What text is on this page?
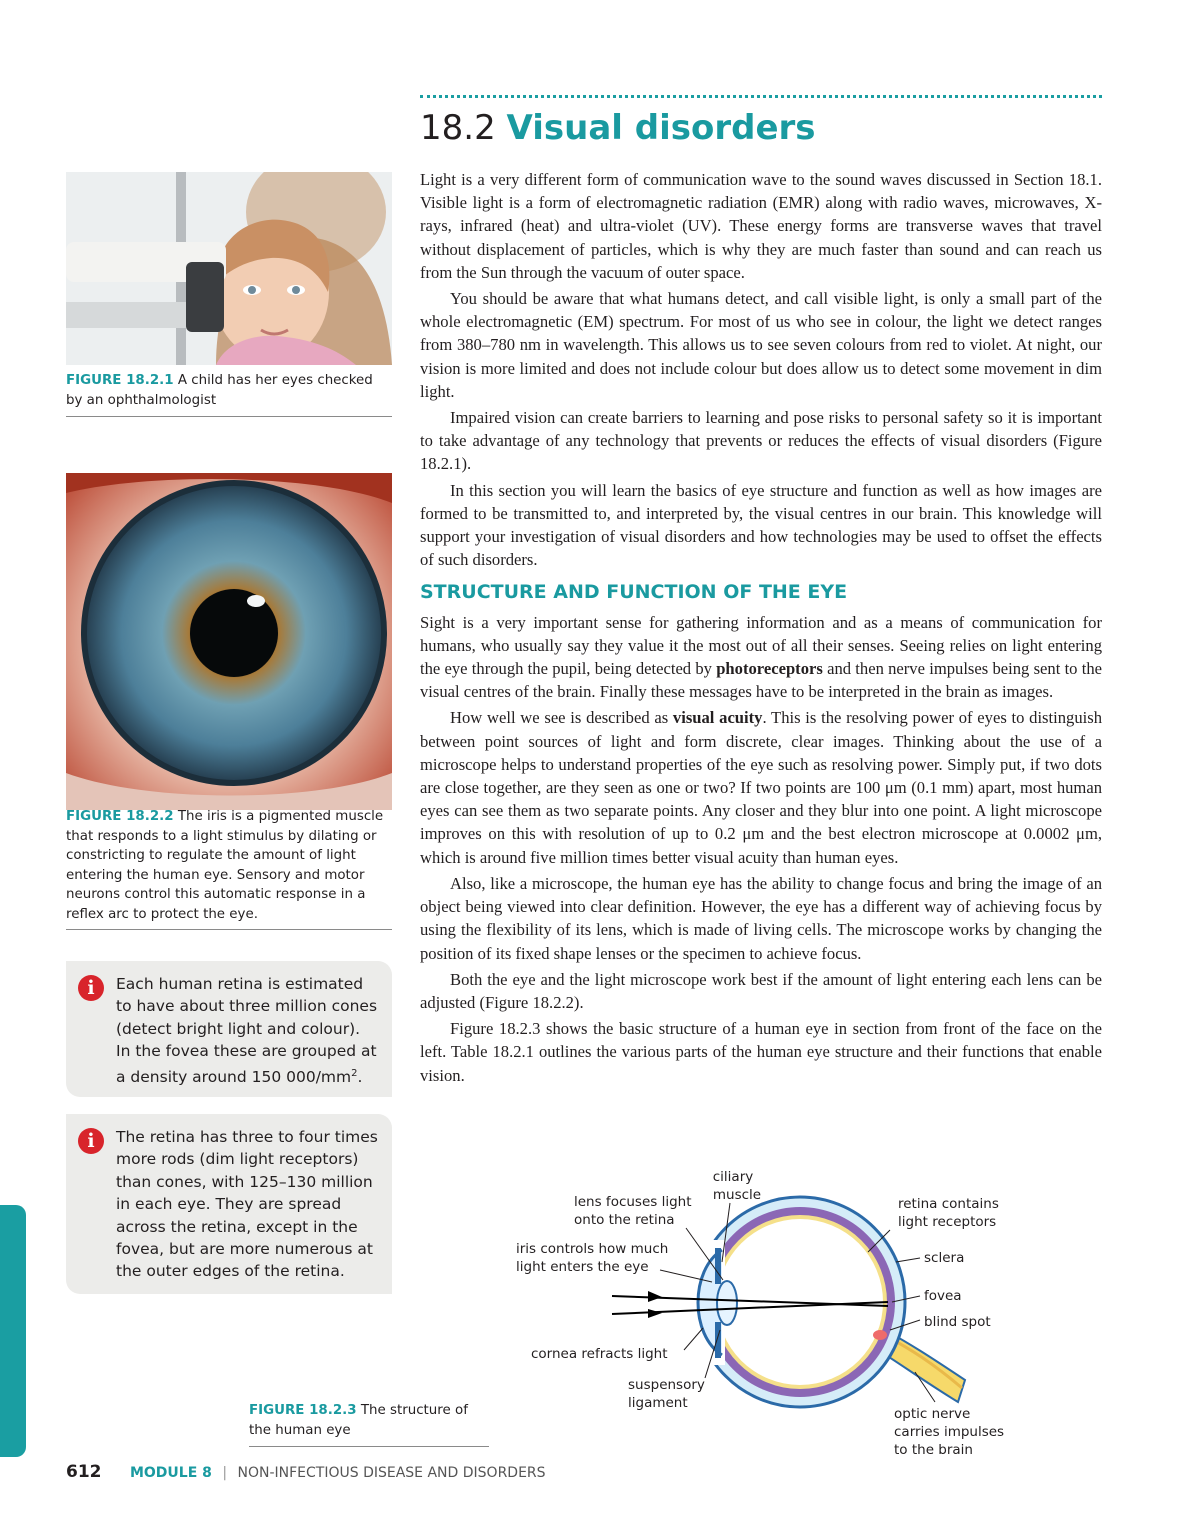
18.2 Visual disorders

Light is a very different form of communication wave to the sound waves discussed in Section 18.1. Visible light is a form of electromagnetic radiation (EMR) along with radio waves, microwaves, X-rays, infrared (heat) and ultra-violet (UV). These energy forms are transverse waves that travel without displacement of particles, which is why they are much faster than sound and can reach us from the Sun through the vacuum of outer space.

You should be aware that what humans detect, and call visible light, is only a small part of the whole electromagnetic (EM) spectrum. For most of us who see in colour, the light we detect ranges from 380–780 nm in wavelength. This allows us to see seven colours from red to violet. At night, our vision is more limited and does not include colour but does allow us to detect some movement in dim light.

Impaired vision can create barriers to learning and pose risks to personal safety so it is important to take advantage of any technology that prevents or reduces the effects of visual disorders (Figure 18.2.1).

In this section you will learn the basics of eye structure and function as well as how images are formed to be transmitted to, and interpreted by, the visual centres in our brain. This knowledge will support your investigation of visual disorders and how technologies may be used to offset the effects of such disorders.

STRUCTURE AND FUNCTION OF THE EYE

Sight is a very important sense for gathering information and as a means of communication for humans, who usually say they value it the most out of all their senses. Seeing relies on light entering the eye through the pupil, being detected by photoreceptors and then nerve impulses being sent to the visual centres of the brain. Finally these messages have to be interpreted in the brain as images.

How well we see is described as visual acuity. This is the resolving power of eyes to distinguish between point sources of light and form discrete, clear images. Thinking about the use of a microscope helps to understand properties of the eye such as resolving power. Simply put, if two dots are close together, are they seen as one or two? If two points are 100 μm (0.1 mm) apart, most human eyes can see them as two separate points. Any closer and they blur into one point. A light microscope improves on this with resolution of up to 0.2 μm and the best electron microscope at 0.0002 μm, which is around five million times better visual acuity than human eyes.

Also, like a microscope, the human eye has the ability to change focus and bring the image of an object being viewed into clear definition. However, the eye has a different way of achieving focus by using the flexibility of its lens, which is made of living cells. The microscope works by changing the position of its fixed shape lenses or the specimen to achieve focus.

Both the eye and the light microscope work best if the amount of light entering each lens can be adjusted (Figure 18.2.2).

Figure 18.2.3 shows the basic structure of a human eye in section from front of the face on the left. Table 18.2.1 outlines the various parts of the human eye structure and their functions that enable vision.

FIGURE 18.2.1 A child has her eyes checked by an ophthalmologist
FIGURE 18.2.2 The iris is a pigmented muscle that responds to a light stimulus by dilating or constricting to regulate the amount of light entering the human eye. Sensory and motor neurons control this automatic response in a reflex arc to protect the eye.
i	Each human retina is estimated to have about three million cones (detect bright light and colour). In the fovea these are grouped at a density around 150 $000/mm^2$.
i	The retina has three to four times more rods (dim light receptors) than cones, with 125–130 million in each eye. They are spread across the retina, except in the fovea, but are more numerous at the outer edges of the retina.
FIGURE 18.2.3 The structure of the human eye
ciliary
muscle
lens focuses light
onto the retina
iris controls how much
light enters the eye
cornea refracts light
suspensory
ligament
retina contains
light receptors
sclera
fovea
blind spot
optic nerve
carries impulses
to the brain
612 MODULE 8 | NON-INFECTIOUS DISEASE AND DISORDERS
